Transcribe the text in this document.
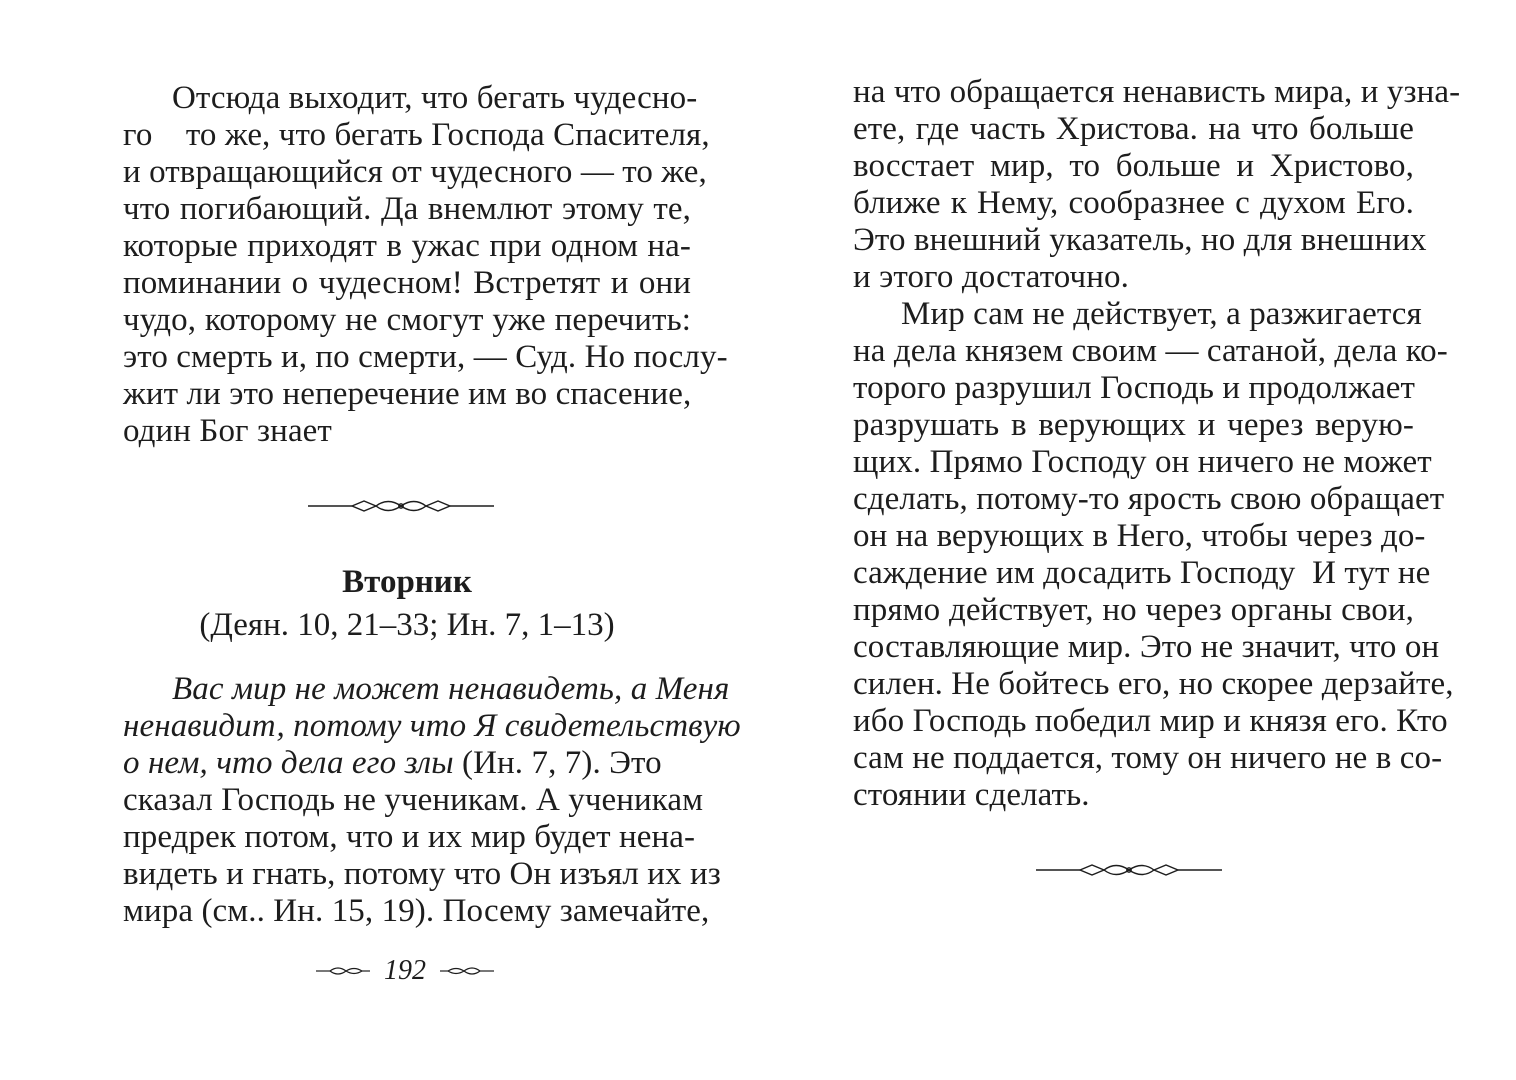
Отсюда выходит, что бегать чудесно-
го    то же, что бегать Господа Спасителя,
и отвращающийся от чудесного — то же,
что погибающий. Да внемлют этому те,
которые приходят в ужас при одном на-
поминании о чудесном! Встретят и они
чудо, которому не смогут уже перечить:
это смерть и, по смерти, — Суд. Но послу-
жит ли это неперечение им во спасение,
один Бог знает
Вторник
(Деян. 10, 21–33; Ин. 7, 1–13)
Вас мир не может ненавидеть, а Меня
ненавидит, потому что Я свидетельствую
о нем, что дела его злы (Ин. 7, 7). Это
сказал Господь не ученикам. А ученикам
предрек потом, что и их мир будет нена-
видеть и гнать, потому что Он изъял их из
мира (см.. Ин. 15, 19). Посему замечайте,
192
на что обращается ненависть мира, и узна-
ете, где часть Христова. на что больше
восстает мир, то больше и Христово,
ближе к Нему, сообразнее с духом Его.
Это внешний указатель, но для внешних
и этого достаточно.
Мир сам не действует, а разжигается
на дела князем своим — сатаной, дела ко-
торого разрушил Господь и продолжает
разрушать в верующих и через верую-
щих. Прямо Господу он ничего не может
сделать, потому-то ярость свою обращает
он на верующих в Него, чтобы через до-
саждение им досадить Господу  И тут не
прямо действует, но через органы свои,
составляющие мир. Это не значит, что он
силен. Не бойтесь его, но скорее дерзайте,
ибо Господь победил мир и князя его. Кто
сам не поддается, тому он ничего не в со-
стоянии сделать.
